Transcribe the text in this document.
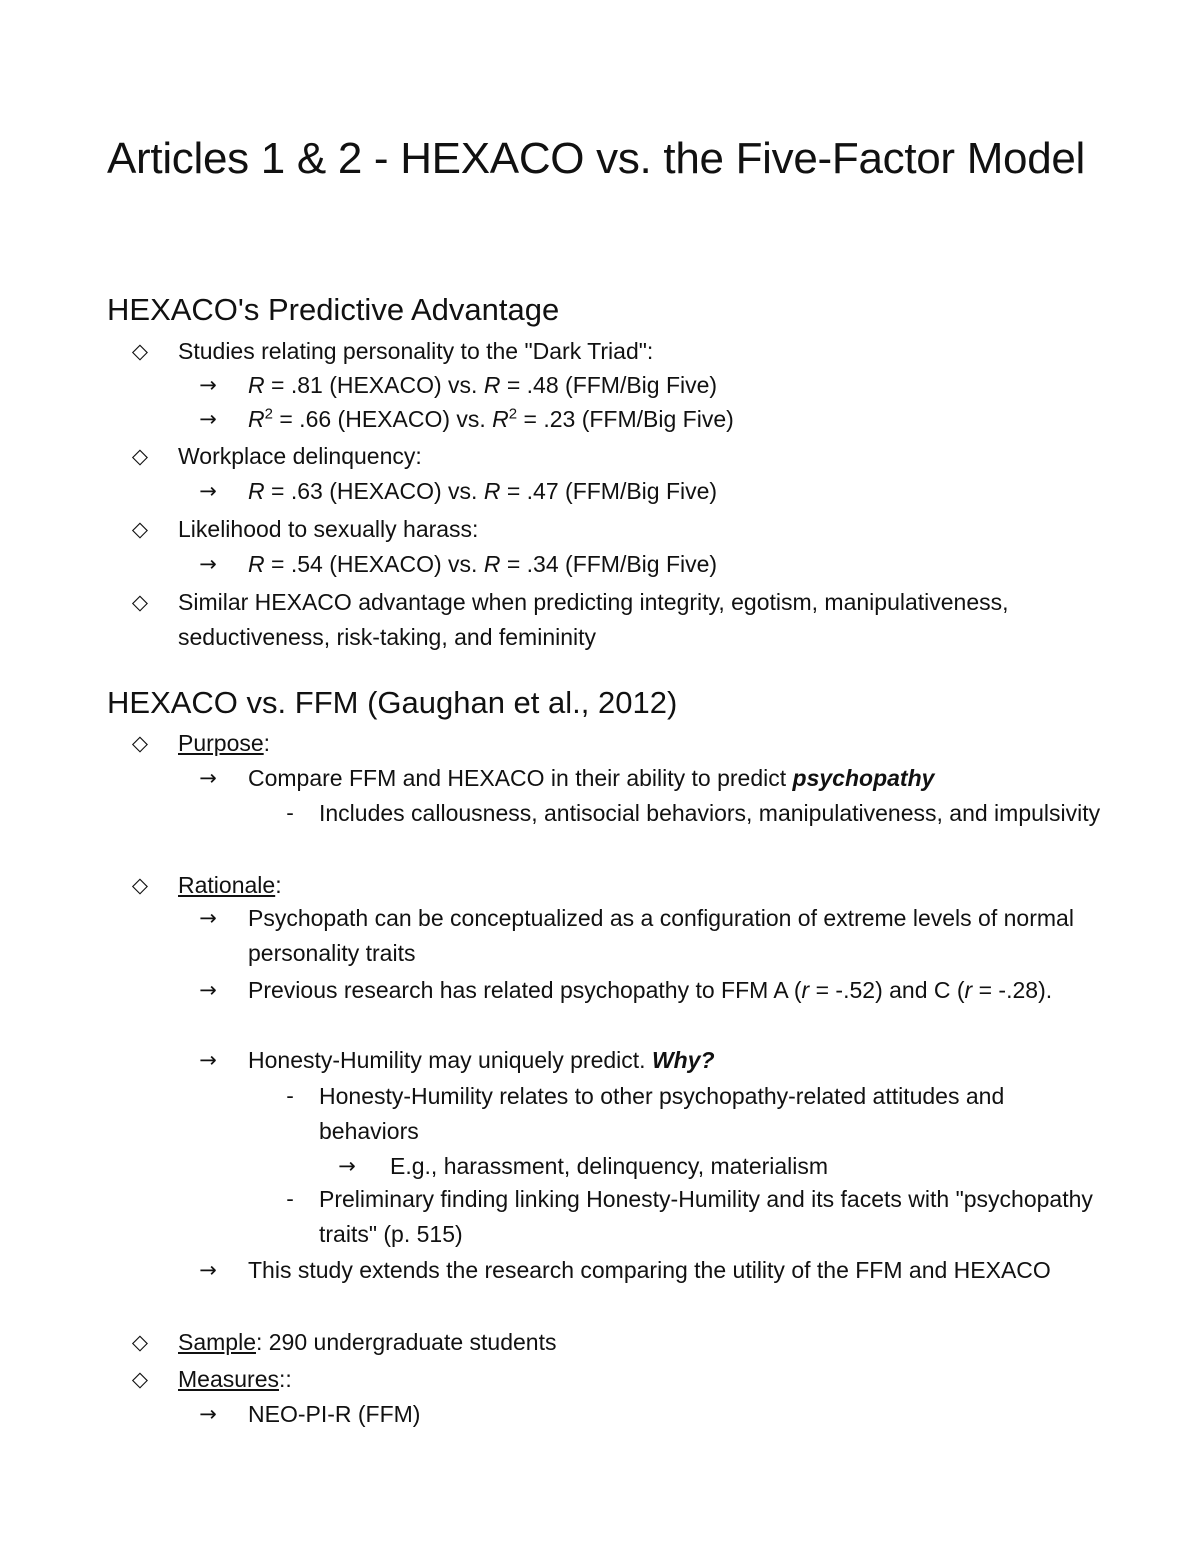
Articles 1 & 2 - HEXACO vs. the Five-Factor Model
HEXACO's Predictive Advantage
◇	Studies relating personality to the "Dark Triad":
→	R = .81 (HEXACO) vs. R = .48 (FFM/Big Five)
→	$R^2 = .66$ (HEXACO) vs. $R^2 = .23$ (FFM/Big Five)
◇	Workplace delinquency:
→	R = .63 (HEXACO) vs. R = .47 (FFM/Big Five)
◇	Likelihood to sexually harass:
→	R = .54 (HEXACO) vs. R = .34 (FFM/Big Five)
◇	Similar HEXACO advantage when predicting integrity, egotism, manipulativeness, seductiveness, risk-taking, and femininity
HEXACO vs. FFM (Gaughan et al., 2012)
◇	Purpose:
→	Compare FFM and HEXACO in their ability to predict psychopathy
-	Includes callousness, antisocial behaviors, manipulativeness, and impulsivity
◇	Rationale:
→	Psychopath can be conceptualized as a configuration of extreme levels of normal personality traits
→	Previous research has related psychopathy to FFM A (r = -.52) and C (r = -.28).
→	Honesty-Humility may uniquely predict. Why?
-	Honesty-Humility relates to other psychopathy-related attitudes and behaviors
→	E.g., harassment, delinquency, materialism
-	Preliminary finding linking Honesty-Humility and its facets with "psychopathy traits" (p. 515)
→	This study extends the research comparing the utility of the FFM and HEXACO
◇	Sample: 290 undergraduate students
◇	Measures::
→	NEO-PI-R (FFM)
